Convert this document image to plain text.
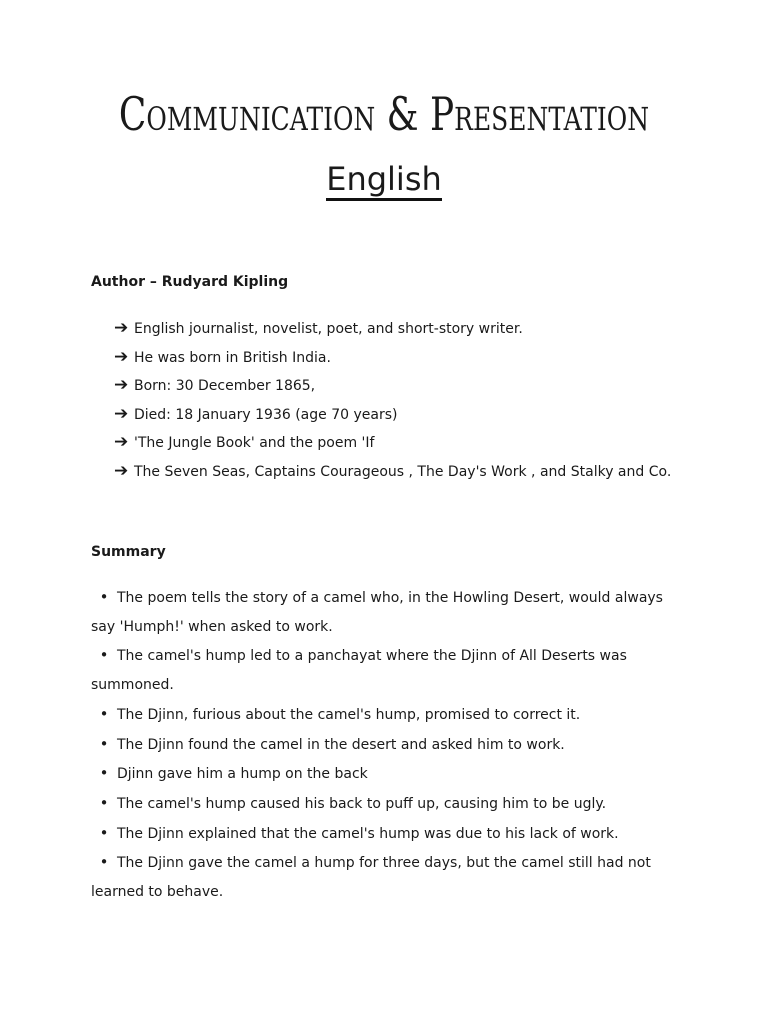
Communication & Presentation
English
Author – Rudyard Kipling
➔ English journalist, novelist, poet, and short-story writer.
➔ He was born in British India.
➔ Born: 30 December 1865,
➔ Died: 18 January 1936 (age 70 years)
➔ 'The Jungle Book' and the poem 'If
➔ The Seven Seas, Captains Courageous , The Day's Work , and Stalky and Co.
Summary
• The poem tells the story of a camel who, in the Howling Desert, would always say 'Humph!' when asked to work.
• The camel's hump led to a panchayat where the Djinn of All Deserts was summoned.
• The Djinn, furious about the camel's hump, promised to correct it.
• The Djinn found the camel in the desert and asked him to work.
• Djinn gave him a hump on the back
• The camel's hump caused his back to puff up, causing him to be ugly.
• The Djinn explained that the camel's hump was due to his lack of work.
• The Djinn gave the camel a hump for three days, but the camel still had not learned to behave.
